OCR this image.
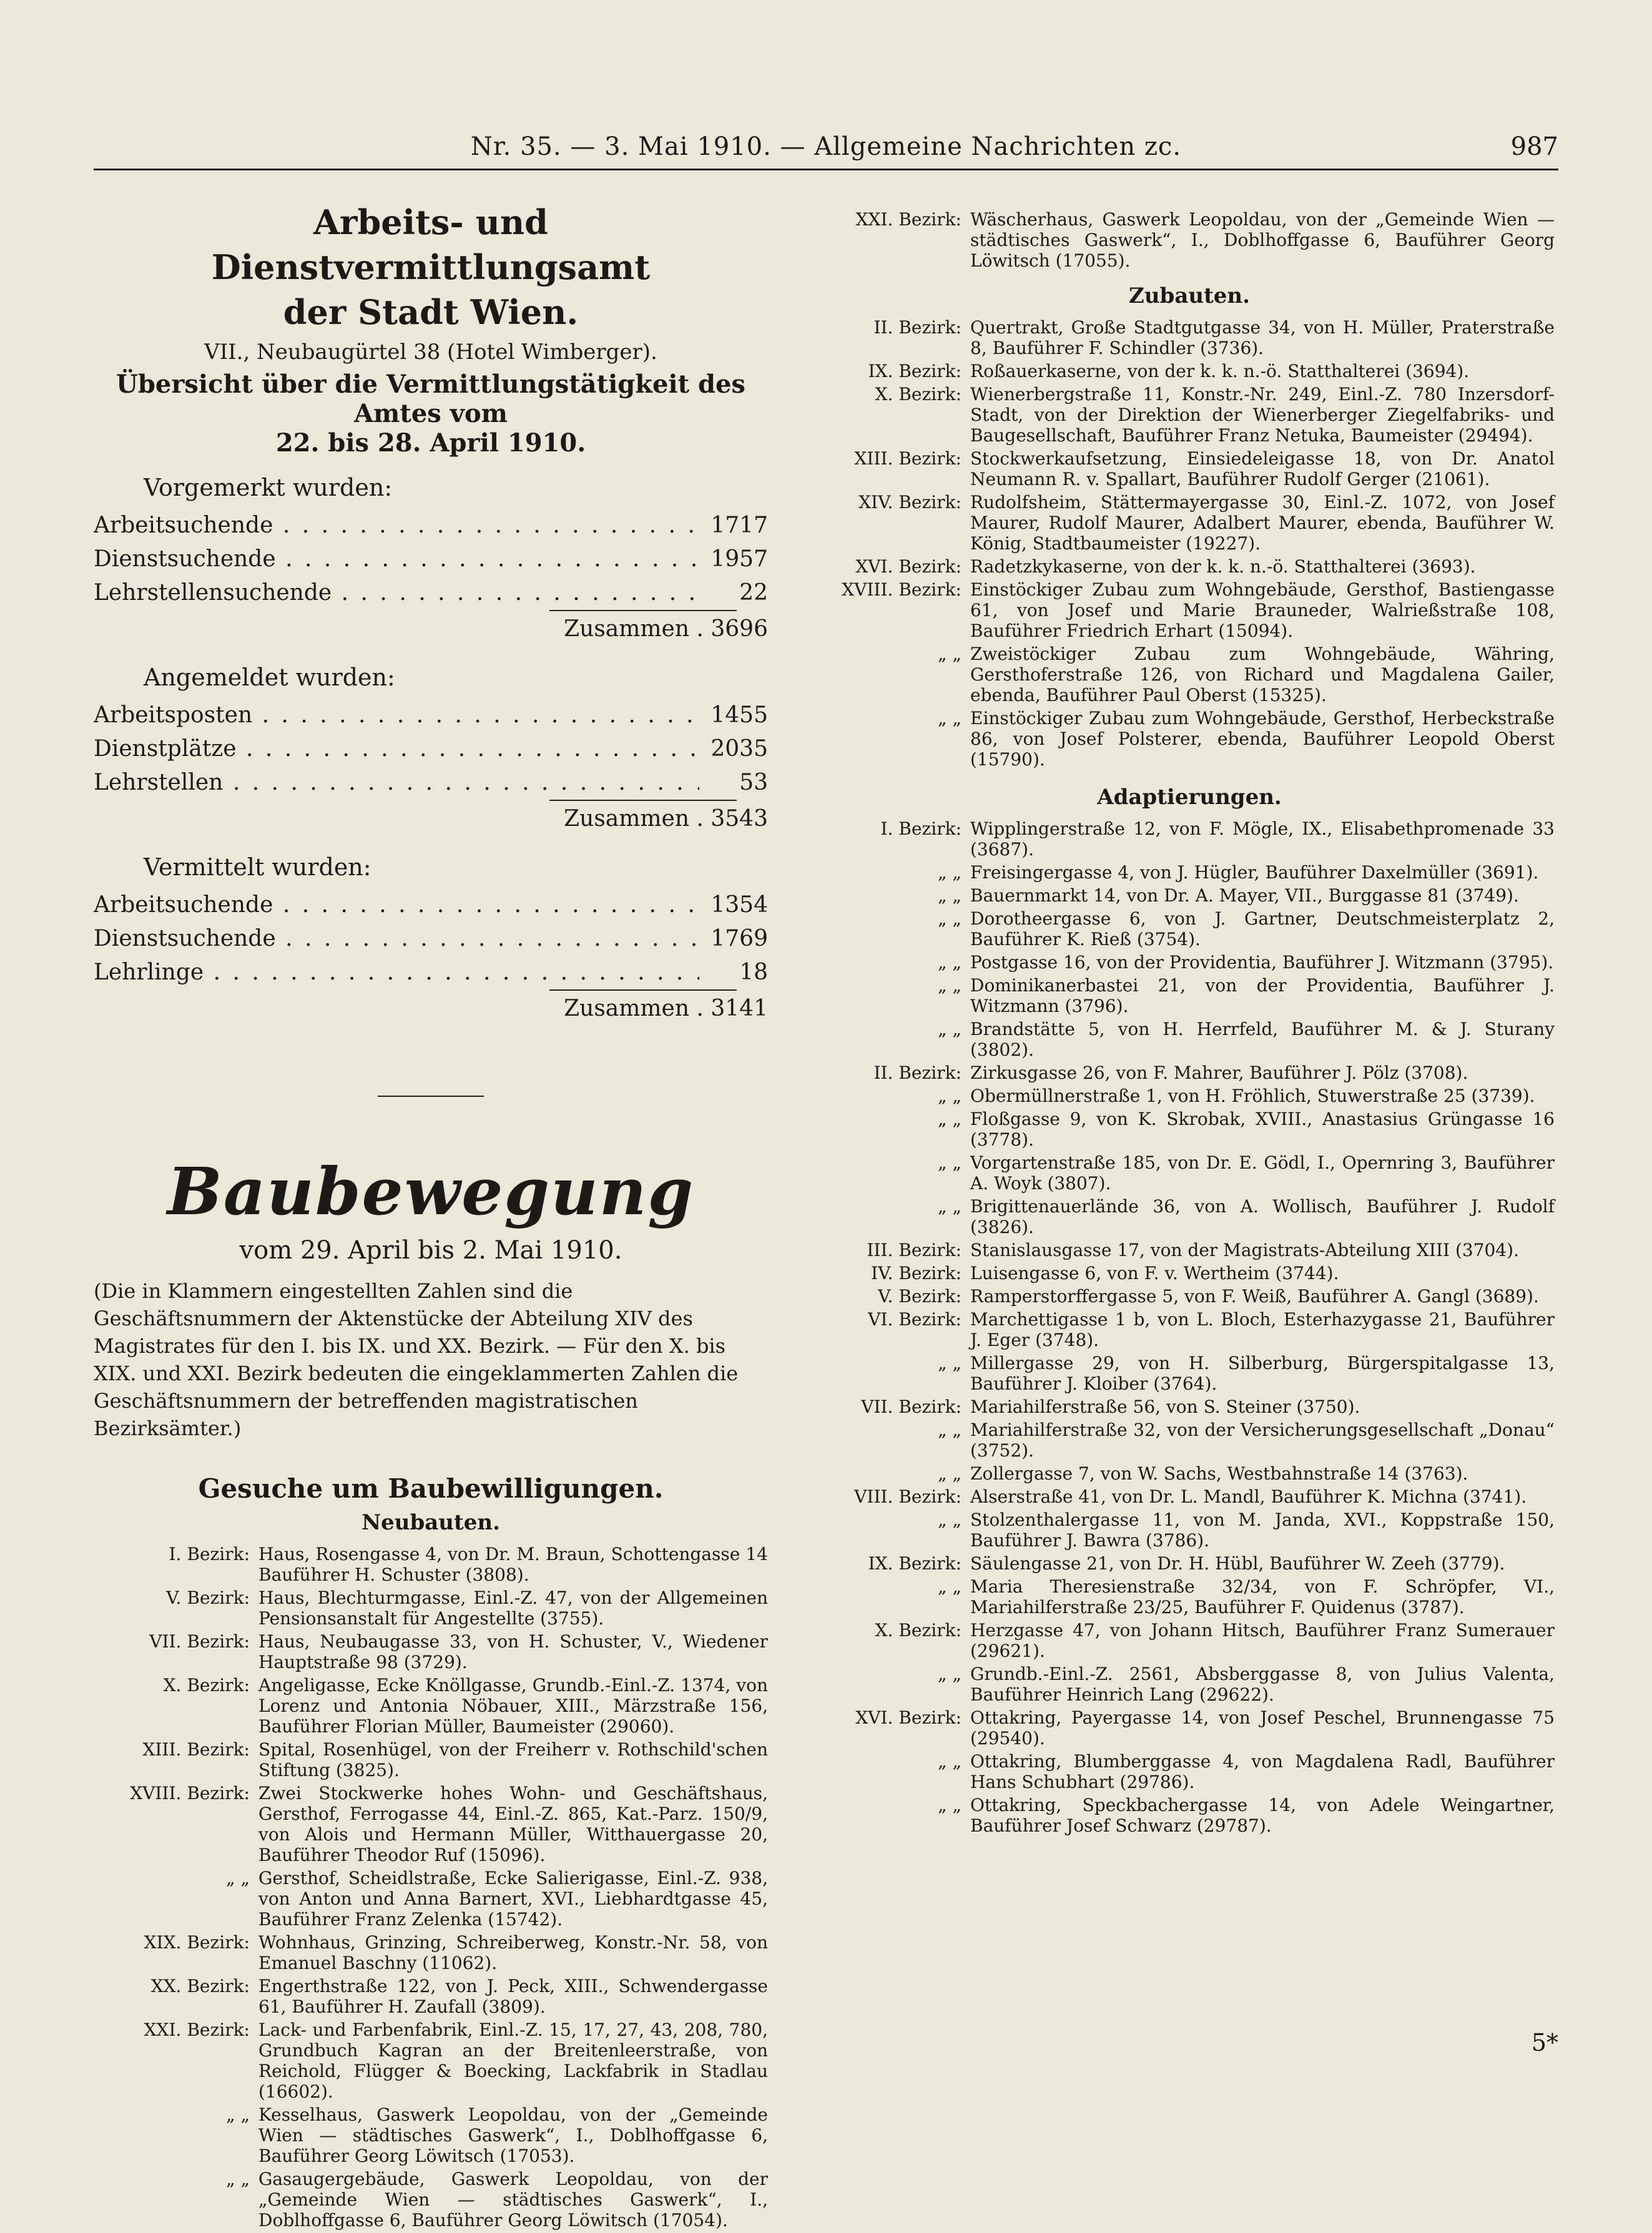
Nr. 35. — 3. Mai 1910. — Allgemeine Nachrichten zc.	987
Arbeits- und Dienstvermittlungsamt
der Stadt Wien.
VII., Neubaugürtel 38 (Hotel Wimberger).
Übersicht über die Vermittlungstätigkeit des Amtes vom
22. bis 28. April 1910.
Vorgemerkt wurden:
Arbeitsuchende . . .	1717
Dienstsuchende . . .	1957
Lehrstellensuchende . . .	22
Zusammen . 3696
Angemeldet wurden:
Arbeitsposten . . .	1455
Dienstplätze . . .	2035
Lehrstellen . . .	53
Zusammen . 3543
Vermittelt wurden:
Arbeitsuchende . . .	1354
Dienstsuchende . . .	1769
Lehrlinge . . .	18
Zusammen . 3141
Baubewegung
vom 29. April bis 2. Mai 1910.
(Die in Klammern eingestellten Zahlen sind die Geschäftsnummern der Aktenstücke der Abteilung XIV des Magistrates für den I. bis IX. und XX. Bezirk. — Für den X. bis XIX. und XXI. Bezirk bedeuten die eingeklammerten Zahlen die Geschäftsnummern der betreffenden magistratischen Bezirksämter.)
Gesuche um Baubewilligungen.
Neubauten.
I. Bezirk: Haus, Rosengasse 4, von Dr. M. Braun, Schottengasse 14 Bauführer H. Schuster (3808).
V. Bezirk: Haus, Blechturmgasse, Einl.-Z. 47, von der Allgemeinen Pensionsanstalt für Angestellte (3755).
VII. Bezirk: Haus, Neubaugasse 33, von H. Schuster, V., Wiedener Hauptstraße 98 (3729).
X. Bezirk: Angeligasse, Ecke Knöllgasse, Grundb.-Einl.-Z. 1374, von Lorenz und Antonia Nöbauer, XIII., Märzstraße 156, Bauführer Florian Müller, Baumeister (29060).
XIII. Bezirk: Spital, Rosenhügel, von der Freiherr v. Rothschild'schen Stiftung (3825).
XVIII. Bezirk: Zwei Stockwerke hohes Wohn- und Geschäftshaus, Gersthof, Ferrogasse 44, Einl.-Z. 865, Kat.-Parz. 150/9, von Alois und Hermann Müller, Witthauergasse 20, Bauführer Theodor Ruf (15096).
„ „ Gersthof, Scheidlstraße, Ecke Salierigasse, Einl.-Z. 938, von Anton und Anna Barnert, XVI., Liebhardtgasse 45, Bauführer Franz Zelenka (15742).
XIX. Bezirk: Wohnhaus, Grinzing, Schreiberweg, Konstr.-Nr. 58, von Emanuel Baschny (11062).
XX. Bezirk: Engerthstraße 122, von J. Peck, XIII., Schwendergasse 61, Bauführer H. Zaufall (3809).
XXI. Bezirk: Lack- und Farbenfabrik, Einl.-Z. 15, 17, 27, 43, 208, 780, Grundbuch Kagran an der Breitenleerstraße, von Reichold, Flügger & Boecking, Lackfabrik in Stadlau (16602).
„ „ Kesselhaus, Gaswerk Leopoldau, von der „Gemeinde Wien — städtisches Gaswerk“, I., Doblhoffgasse 6, Bauführer Georg Löwitsch (17053).
„ „ Gasaugergebäude, Gaswerk Leopoldau, von der „Gemeinde Wien — städtisches Gaswerk“, I., Doblhoffgasse 6, Bauführer Georg Löwitsch (17054).
XXI. Bezirk: Wäscherhaus, Gaswerk Leopoldau, von der „Gemeinde Wien — städtisches Gaswerk“, I., Doblhoffgasse 6, Bauführer Georg Löwitsch (17055).
Zubauten.
II. Bezirk: Quertrakt, Große Stadtgutgasse 34, von H. Müller, Praterstraße 8, Bauführer F. Schindler (3736).
IX. Bezirk: Roßauerkaserne, von der k. k. n.-ö. Statthalterei (3694).
X. Bezirk: Wienerbergstraße 11, Konstr.-Nr. 249, Einl.-Z. 780 Inzersdorf-Stadt, von der Direktion der Wienerberger Ziegelfabriks- und Baugesellschaft, Bauführer Franz Netuka, Baumeister (29494).
XIII. Bezirk: Stockwerkaufsetzung, Einsiedeleigasse 18, von Dr. Anatol Neumann R. v. Spallart, Bauführer Rudolf Gerger (21061).
XIV. Bezirk: Rudolfsheim, Stättermayergasse 30, Einl.-Z. 1072, von Josef Maurer, Rudolf Maurer, Adalbert Maurer, ebenda, Bauführer W. König, Stadtbaumeister (19227).
XVI. Bezirk: Radetzkykaserne, von der k. k. n.-ö. Statthalterei (3693).
XVIII. Bezirk: Einstöckiger Zubau zum Wohngebäude, Gersthof, Bastiengasse 61, von Josef und Marie Brauneder, Walrießstraße 108, Bauführer Friedrich Erhart (15094).
„ „ Zweistöckiger Zubau zum Wohngebäude, Währing, Gersthoferstraße 126, von Richard und Magdalena Gailer, ebenda, Bauführer Paul Oberst (15325).
„ „ Einstöckiger Zubau zum Wohngebäude, Gersthof, Herbeckstraße 86, von Josef Polsterer, ebenda, Bauführer Leopold Oberst (15790).
Adaptierungen.
I. Bezirk: Wipplingerstraße 12, von F. Mögle, IX., Elisabethpromenade 33 (3687).
„ „ Freisingergasse 4, von J. Hügler, Bauführer Daxelmüller (3691).
„ „ Bauernmarkt 14, von Dr. A. Mayer, VII., Burggasse 81 (3749).
„ „ Dorotheergasse 6, von J. Gartner, Deutschmeisterplatz 2, Bauführer K. Rieß (3754).
„ „ Postgasse 16, von der Providentia, Bauführer J. Witzmann (3795).
„ „ Dominikanerbastei 21, von der Providentia, Bauführer J. Witzmann (3796).
„ „ Brandstätte 5, von H. Herrfeld, Bauführer M. & J. Sturany (3802).
II. Bezirk: Zirkusgasse 26, von F. Mahrer, Bauführer J. Pölz (3708).
„ „ Obermüllnerstraße 1, von H. Fröhlich, Stuwerstraße 25 (3739).
„ „ Floßgasse 9, von K. Skrobak, XVIII., Anastasius Grüngasse 16 (3778).
„ „ Vorgartenstraße 185, von Dr. E. Gödl, I., Opernring 3, Bauführer A. Woyk (3807).
„ „ Brigittenauerlände 36, von A. Wollisch, Bauführer J. Rudolf (3826).
III. Bezirk: Stanislausgasse 17, von der Magistrats-Abteilung XIII (3704).
IV. Bezirk: Luisengasse 6, von F. v. Wertheim (3744).
V. Bezirk: Ramperstorffergasse 5, von F. Weiß, Bauführer A. Gangl (3689).
VI. Bezirk: Marchettigasse 1 b, von L. Bloch, Esterhazygasse 21, Bauführer J. Eger (3748).
„ „ Millergasse 29, von H. Silberburg, Bürgerspitalgasse 13, Bauführer J. Kloiber (3764).
VII. Bezirk: Mariahilferstraße 56, von S. Steiner (3750).
„ „ Mariahilferstraße 32, von der Versicherungsgesellschaft „Donau“ (3752).
„ „ Zollergasse 7, von W. Sachs, Westbahnstraße 14 (3763).
VIII. Bezirk: Alserstraße 41, von Dr. L. Mandl, Bauführer K. Michna (3741).
„ „ Stolzenthalergasse 11, von M. Janda, XVI., Koppstraße 150, Bauführer J. Bawra (3786).
IX. Bezirk: Säulengasse 21, von Dr. H. Hübl, Bauführer W. Zeeh (3779).
„ „ Maria Theresienstraße 32/34, von F. Schröpfer, VI., Mariahilferstraße 23/25, Bauführer F. Quidenus (3787).
X. Bezirk: Herzgasse 47, von Johann Hitsch, Bauführer Franz Sumerauer (29621).
„ „ Grundb.-Einl.-Z. 2561, Absberggasse 8, von Julius Valenta, Bauführer Heinrich Lang (29622).
XVI. Bezirk: Ottakring, Payergasse 14, von Josef Peschel, Brunnengasse 75 (29540).
„ „ Ottakring, Blumberggasse 4, von Magdalena Radl, Bauführer Hans Schubhart (29786).
„ „ Ottakring, Speckbachergasse 14, von Adele Weingartner, Bauführer Josef Schwarz (29787).
5*
